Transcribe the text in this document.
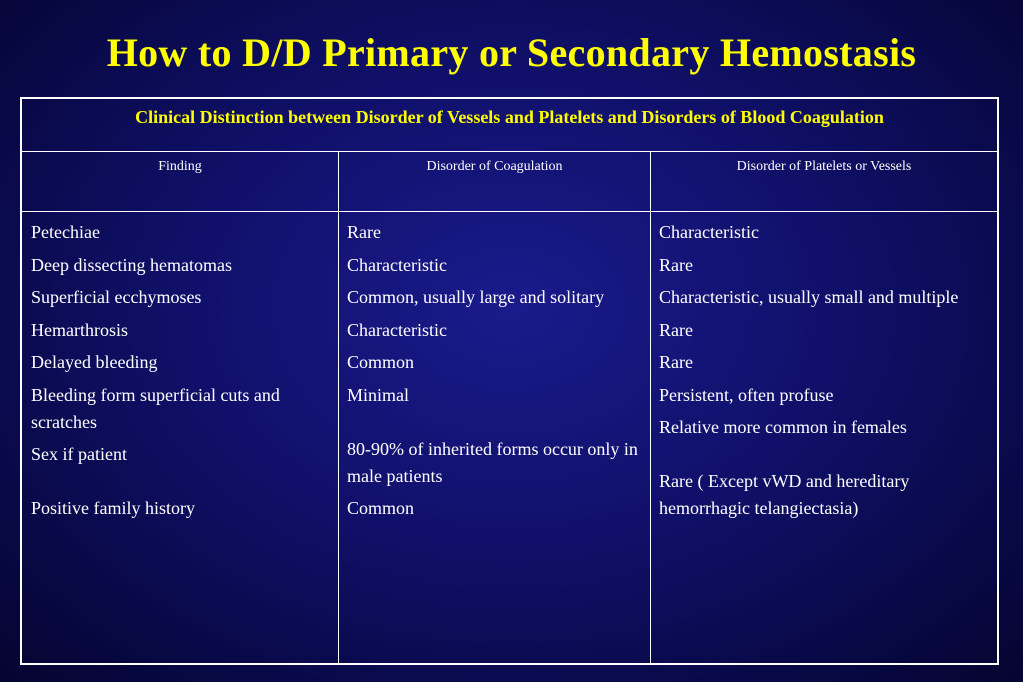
How to D/D Primary or Secondary Hemostasis
Clinical Distinction between Disorder of Vessels and Platelets and Disorders of Blood Coagulation
Finding	Disorder of Coagulation	Disorder of Platelets or Vessels
Petechiae
Deep dissecting hematomas
Superficial ecchymoses
Hemarthrosis
Delayed bleeding
Bleeding form superficial cuts and scratches
Sex if patient
Positive family history
Rare
Characteristic
Common, usually large and solitary
Characteristic
Common
Minimal
80-90% of inherited forms occur only in male patients
Common
Characteristic
Rare
Characteristic, usually small and multiple
Rare
Rare
Persistent, often profuse
Relative more common in females
Rare ( Except vWD and hereditary hemorrhagic telangiectasia)
